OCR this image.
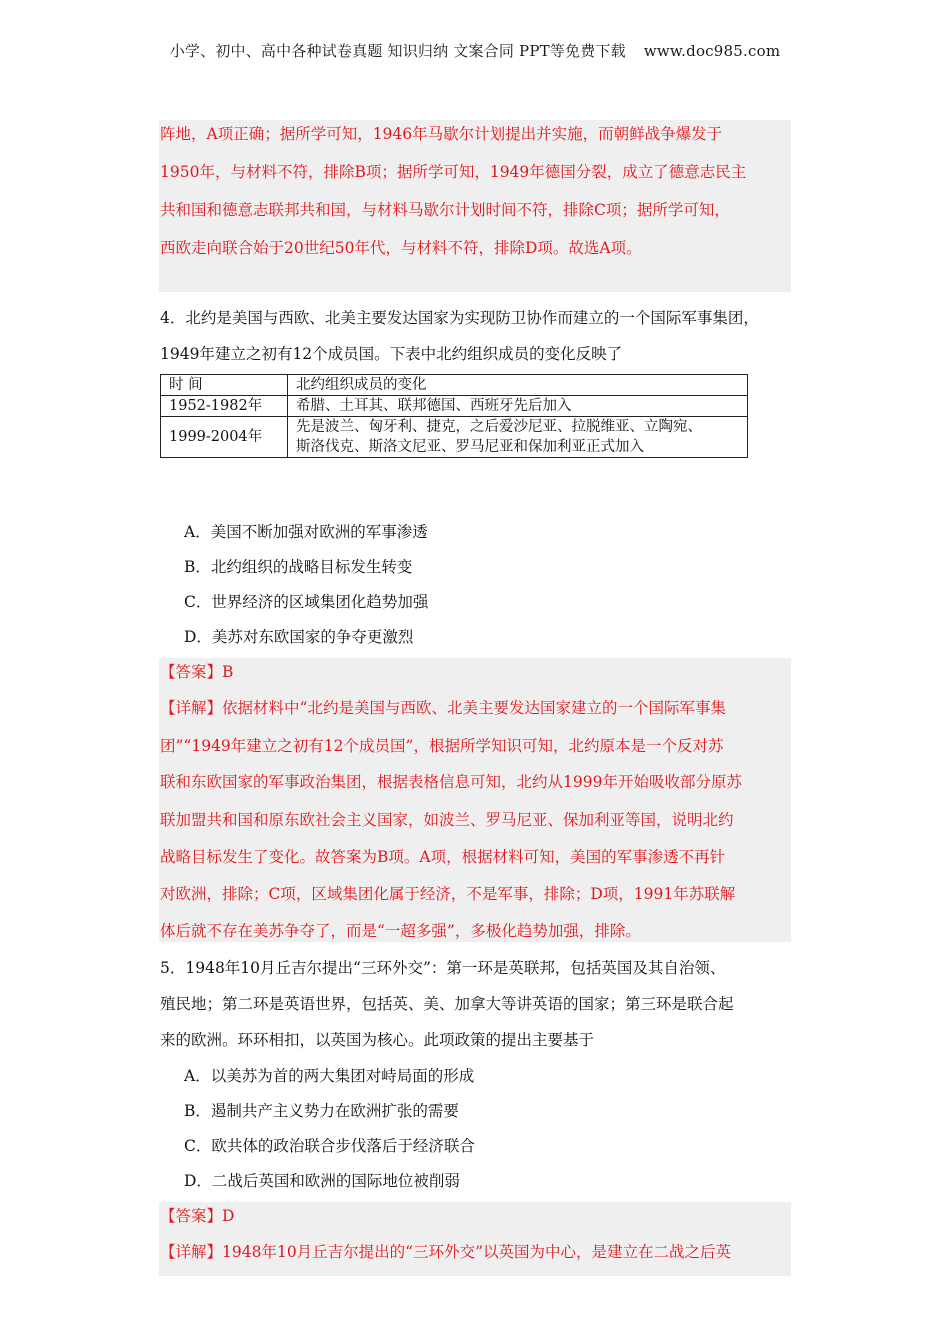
小学、初中、高中各种试卷真题 知识归纳 文案合同 PPT等免费下载 www.doc985.com
阵地，A项正确；据所学可知，1946年马歇尔计划提出并实施，而朝鲜战争爆发于
1950年，与材料不符，排除B项；据所学可知，1949年德国分裂，成立了德意志民主
共和国和德意志联邦共和国，与材料马歇尔计划时间不符，排除C项；据所学可知，
西欧走向联合始于20世纪50年代，与材料不符，排除D项。故选A项。
4．北约是美国与西欧、北美主要发达国家为实现防卫协作而建立的一个国际军事集团，
1949年建立之初有12个成员国。下表中北约组织成员的变化反映了
时 间	北约组织成员的变化
1952-1982年	希腊、土耳其、联邦德国、西班牙先后加入
1999-2004年	先是波兰、匈牙利、捷克，之后爱沙尼亚、拉脱维亚、立陶宛、
斯洛伐克、斯洛文尼亚、罗马尼亚和保加利亚正式加入
A．美国不断加强对欧洲的军事渗透
B．北约组织的战略目标发生转变
C．世界经济的区域集团化趋势加强
D．美苏对东欧国家的争夺更激烈
【答案】B
【详解】依据材料中“北约是美国与西欧、北美主要发达国家建立的一个国际军事集
团”“1949年建立之初有12个成员国”，根据所学知识可知，北约原本是一个反对苏
联和东欧国家的军事政治集团，根据表格信息可知，北约从1999年开始吸收部分原苏
联加盟共和国和原东欧社会主义国家，如波兰、罗马尼亚、保加利亚等国，说明北约
战略目标发生了变化。故答案为B项。A项，根据材料可知，美国的军事渗透不再针
对欧洲，排除；C项，区域集团化属于经济，不是军事，排除；D项，1991年苏联解
体后就不存在美苏争夺了，而是“一超多强”，多极化趋势加强，排除。
5．1948年10月丘吉尔提出“三环外交”：第一环是英联邦，包括英国及其自治领、
殖民地；第二环是英语世界，包括英、美、加拿大等讲英语的国家；第三环是联合起
来的欧洲。环环相扣，以英国为核心。此项政策的提出主要基于
A．以美苏为首的两大集团对峙局面的形成
B．遏制共产主义势力在欧洲扩张的需要
C．欧共体的政治联合步伐落后于经济联合
D．二战后英国和欧洲的国际地位被削弱
【答案】D
【详解】1948年10月丘吉尔提出的“三环外交”以英国为中心，是建立在二战之后英
